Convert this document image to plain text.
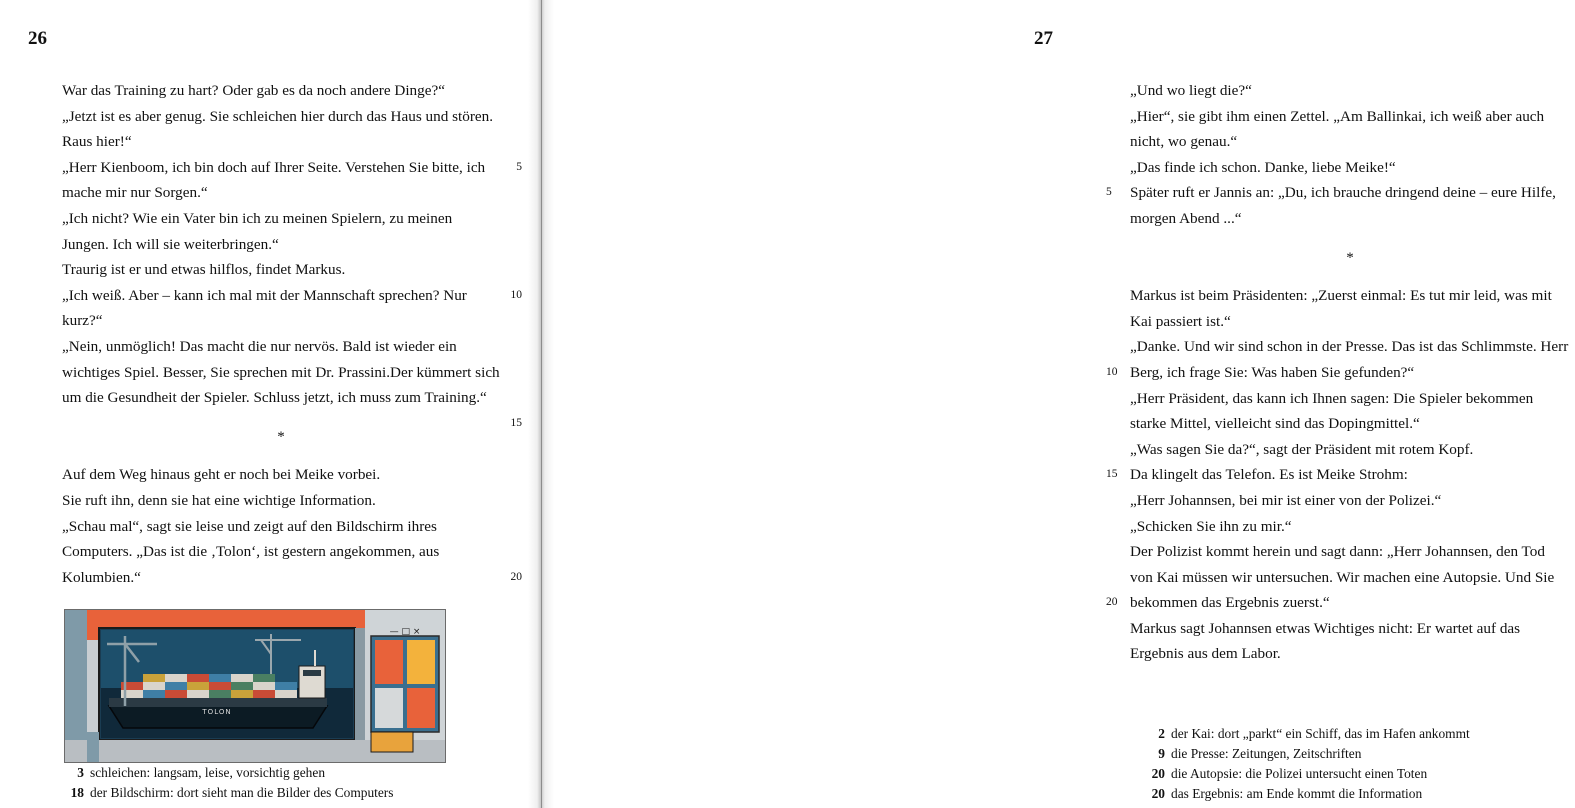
26

War das Training zu hart? Oder gab es da noch andere Dinge?“

„Jetzt ist es aber genug. Sie schleichen hier durch das Haus und stören. Raus hier!“

5
„Herr Kienboom, ich bin doch auf Ihrer Seite. Verstehen Sie bitte, ich mache mir nur Sorgen.“

„Ich nicht? Wie ein Vater bin ich zu meinen Spielern, zu meinen Jungen. Ich will sie weiterbringen.“

Traurig ist er und etwas hilflos, findet Markus.

10
„Ich weiß. Aber – kann ich mal mit der Mannschaft sprechen? Nur kurz?“

15
„Nein, unmöglich! Das macht die nur nervös. Bald ist wieder ein wichtiges Spiel. Besser, Sie sprechen mit Dr. Prassini.Der kümmert sich um die Gesundheit der Spieler. Schluss jetzt, ich muss zum Training.“

*

Auf dem Weg hinaus geht er noch bei Meike vorbei.

Sie ruft ihn, denn sie hat eine wichtige Information.

20
„Schau mal“, sagt sie leise und zeigt auf den Bildschirm ihres Computers. „Das ist die ‚Tolon‘, ist gestern angekommen, aus Kolumbien.“

— □ ×
TOLON

3 schleichen: langsam, leise, vorsichtig gehen

18 der Bildschirm: dort sieht man die Bilder des Computers

27

„Und wo liegt die?“

„Hier“, sie gibt ihm einen Zettel. „Am Ballinkai, ich weiß aber auch nicht, wo genau.“

„Das finde ich schon. Danke, liebe Meike!“

5 Später ruft er Jannis an: „Du, ich brauche dringend deine – eure Hilfe, morgen Abend ...“

*

Markus ist beim Präsidenten: „Zuerst einmal: Es tut mir leid, was mit Kai passiert ist.“

10
„Danke. Und wir sind schon in der Presse. Das ist das Schlimmste. Herr Berg, ich frage Sie: Was haben Sie gefunden?“

„Herr Präsident, das kann ich Ihnen sagen: Die Spieler bekommen starke Mittel, vielleicht sind das Dopingmittel.“

„Was sagen Sie da?“, sagt der Präsident mit rotem Kopf.

15 Da klingelt das Telefon. Es ist Meike Strohm:

„Herr Johannsen, bei mir ist einer von der Polizei.“

„Schicken Sie ihn zu mir.“

20
Der Polizist kommt herein und sagt dann: „Herr Johannsen, den Tod von Kai müssen wir untersuchen. Wir machen eine Autopsie. Und Sie bekommen das Ergebnis zuerst.“

Markus sagt Johannsen etwas Wichtiges nicht: Er wartet auf das Ergebnis aus dem Labor.

2 der Kai: dort „parkt“ ein Schiff, das im Hafen ankommt

9 die Presse: Zeitungen, Zeitschriften

20 die Autopsie: die Polizei untersucht einen Toten

20 das Ergebnis: am Ende kommt die Information
